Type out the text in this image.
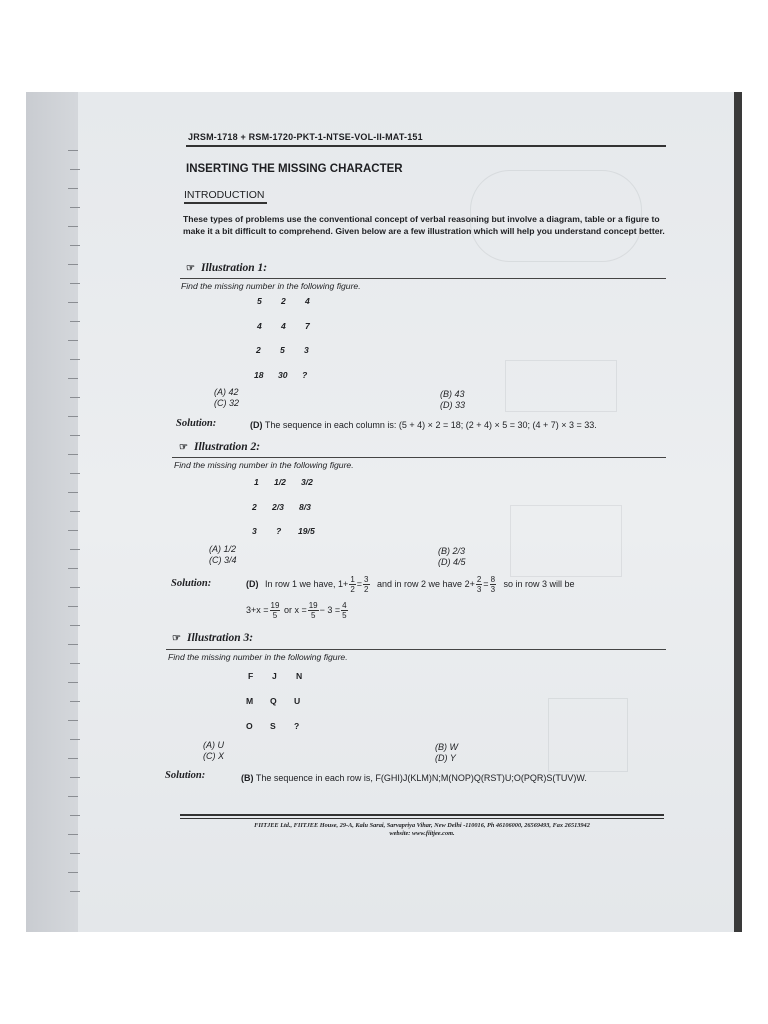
JRSM-1718 + RSM-1720-PKT-1-NTSE-VOL-II-MAT-151
INSERTING THE MISSING CHARACTER
INTRODUCTION
These types of problems use the conventional concept of verbal reasoning but involve a diagram, table or a figure to make it a bit difficult to comprehend. Given below are a few illustration which will help you understand concept better.
☞ Illustration 1:
Find the missing number in the following figure.
5 2 4
4 4 7
2 5 3
18 30 ?
(A) 42
(C) 32
(B) 43
(D) 33
Solution:	(D) The sequence in each column is: (5 + 4) × 2 = 18; (2 + 4) × 5 = 30; (4 + 7) × 3 = 33.
☞ Illustration 2:
Find the missing number in the following figure.
1 1/2 3/2
2 2/3 8/3
3 ? 19/5
(A) 1/2
(C) 3/4
(B) 2/3
(D) 4/5
Solution:	(D) In row 1 we have, $1+ \frac{1}{2} = \frac{3}{2}$ and in row 2 we have $2+ \frac{2}{3} = \frac{8}{3}$ so in row 3 will be
$3+x = \frac{19}{5}$ or $x = \frac{19}{5} - 3 = \frac{4}{5}$
☞ Illustration 3:
Find the missing number in the following figure.
F J N
M Q U
O S ?
(A) U
(C) X
(B) W
(D) Y
Solution:	(B) The sequence in each row is, F(GHI)J(KLM)N;M(NOP)Q(RST)U;O(PQR)S(TUV)W.
FIITJEE Ltd., FIITJEE House, 29-A, Kalu Sarai, Sarvapriya Vihar, New Delhi -110016, Ph 46106000, 26569493, Fax 26513942
website: www.fiitjee.com.
